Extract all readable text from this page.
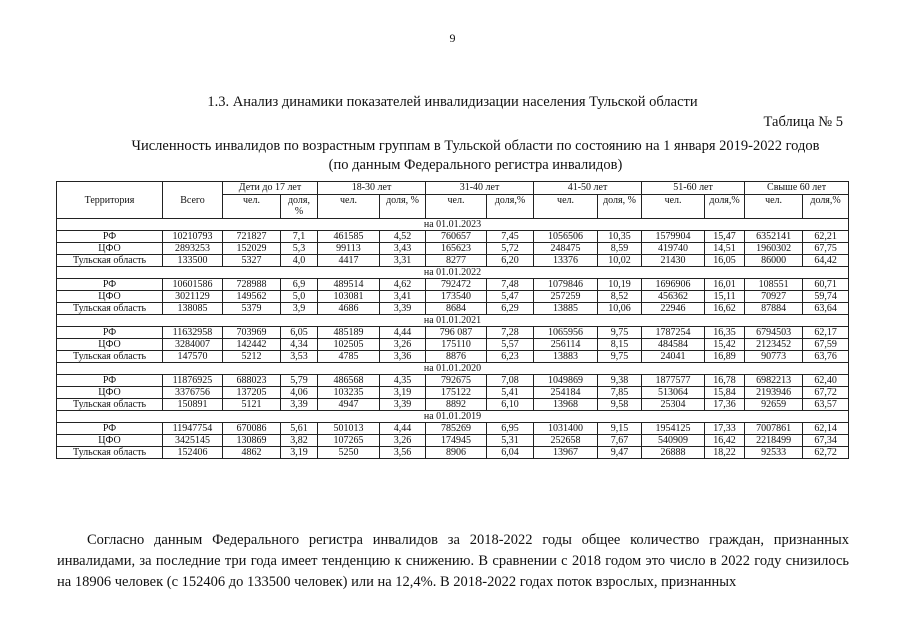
9
1.3. Анализ динамики показателей инвалидизации населения Тульской области
Таблица № 5
Численность инвалидов по возрастным группам в Тульской области по состоянию на 1 января 2019-2022 годов
(по данным Федерального регистра инвалидов)
Территория	Всего	Дети до 17 лет		18-30 лет		31-40 лет		41-50 лет		51-60 лет		Свыше 60 лет	
		чел.	доля, %	чел.	доля, %	чел.	доля,%	чел.	доля, %	чел.	доля,%	чел.	доля,%
на 01.01.2023													
РФ	10210793	721827	7,1	461585	4,52	760657	7,45	1056506	10,35	1579904	15,47	6352141	62,21
ЦФО	2893253	152029	5,3	99113	3,43	165623	5,72	248475	8,59	419740	14,51	1960302	67,75
Тульская область	133500	5327	4,0	4417	3,31	8277	6,20	13376	10,02	21430	16,05	86000	64,42
на 01.01.2022													
РФ	10601586	728988	6,9	489514	4,62	792472	7,48	1079846	10,19	1696906	16,01	108551	60,71
ЦФО	3021129	149562	5,0	103081	3,41	173540	5,47	257259	8,52	456362	15,11	70927	59,74
Тульская область	138085	5379	3,9	4686	3,39	8684	6,29	13885	10,06	22946	16,62	87884	63,64
на 01.01.2021													
РФ	11632958	703969	6,05	485189	4,44	796 087	7,28	1065956	9,75	1787254	16,35	6794503	62,17
ЦФО	3284007	142442	4,34	102505	3,26	175110	5,57	256114	8,15	484584	15,42	2123452	67,59
Тульская область	147570	5212	3,53	4785	3,36	8876	6,23	13883	9,75	24041	16,89	90773	63,76
на 01.01.2020													
РФ	11876925	688023	5,79	486568	4,35	792675	7,08	1049869	9,38	1877577	16,78	6982213	62,40
ЦФО	3376756	137205	4,06	103235	3,19	175122	5,41	254184	7,85	513064	15,84	2193946	67,72
Тульская область	150891	5121	3,39	4947	3,39	8892	6,10	13968	9,58	25304	17,36	92659	63,57
на 01.01.2019													
РФ	11947754	670086	5,61	501013	4,44	785269	6,95	1031400	9,15	1954125	17,33	7007861	62,14
ЦФО	3425145	130869	3,82	107265	3,26	174945	5,31	252658	7,67	540909	16,42	2218499	67,34
Тульская область	152406	4862	3,19	5250	3,56	8906	6,04	13967	9,47	26888	18,22	92533	62,72
Согласно данным Федерального регистра инвалидов за 2018-2022 годы общее количество граждан, признанных инвалидами, за последние три года имеет тенденцию к снижению. В сравнении с 2018 годом это число в 2022 году снизилось на 18906 человек (с 152406 до 133500 человек) или на 12,4%. В 2018-2022 годах поток взрослых, признанных
